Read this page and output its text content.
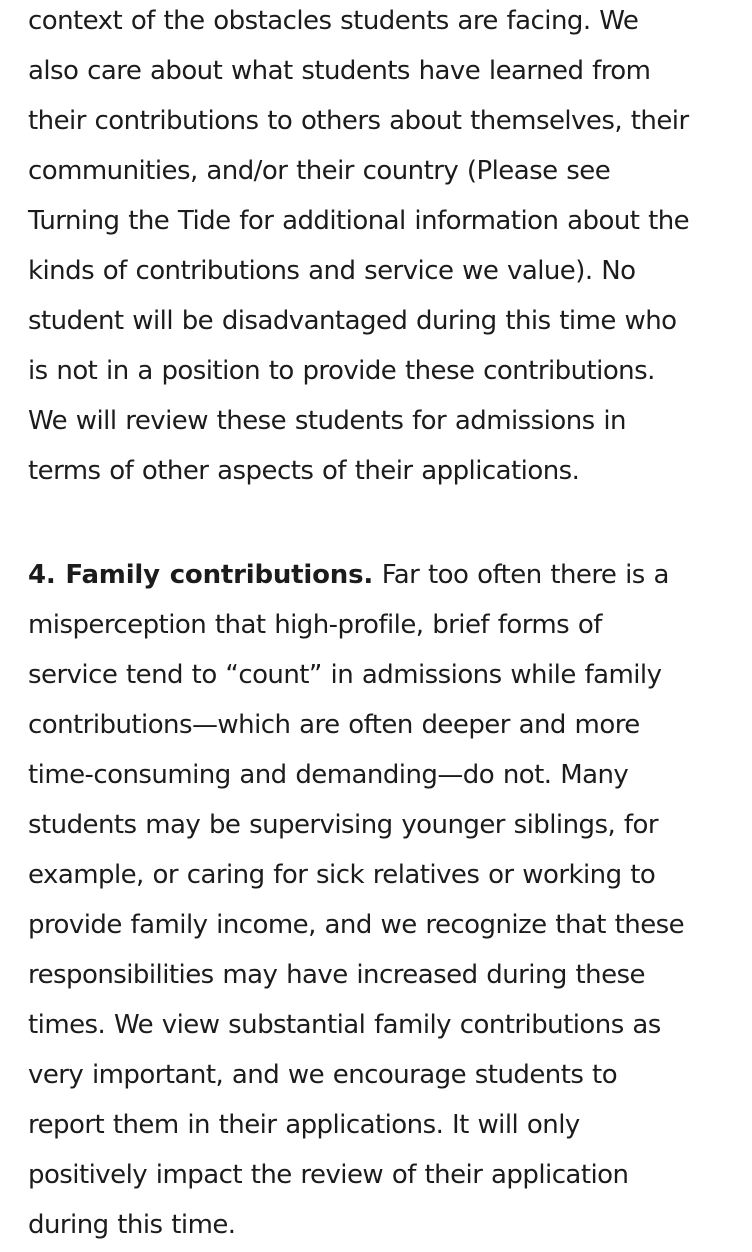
context of the obstacles students are facing. We
also care about what students have learned from
their contributions to others about themselves, their
communities, and/or their country (Please see
Turning the Tide for additional information about the
kinds of contributions and service we value). No
student will be disadvantaged during this time who
is not in a position to provide these contributions.
We will review these students for admissions in
terms of other aspects of their applications.
4. Family contributions. Far too often there is a
misperception that high-profile, brief forms of
service tend to “count” in admissions while family
contributions—which are often deeper and more
time-consuming and demanding—do not. Many
students may be supervising younger siblings, for
example, or caring for sick relatives or working to
provide family income, and we recognize that these
responsibilities may have increased during these
times. We view substantial family contributions as
very important, and we encourage students to
report them in their applications. It will only
positively impact the review of their application
during this time.
